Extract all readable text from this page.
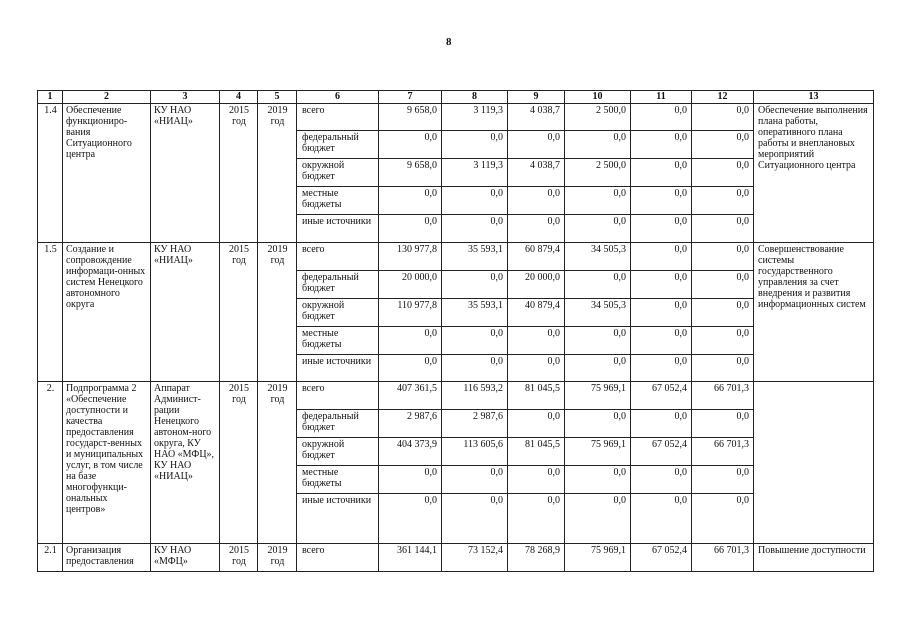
8
1	2	3	4	5	6	7	8	9	10	11	12	13
1.4	Обеспечение функциониро-вания Ситуационного центра	КУ НАО «НИАЦ»	2015 год	2019 год	всего	9 658,0	3 119,3	4 038,7	2 500,0	0,0	0,0	Обеспечение выполнения плана работы, оперативного плана работы и внеплановых мероприятий Ситуационного центра
					федеральный бюджет	0,0	0,0	0,0	0,0	0,0	0,0	
					окружной бюджет	9 658,0	3 119,3	4 038,7	2 500,0	0,0	0,0	
					местные бюджеты	0,0	0,0	0,0	0,0	0,0	0,0	
					иные источники	0,0	0,0	0,0	0,0	0,0	0,0	
1.5	Создание и сопровождение информаци-онных систем Ненецкого автономного округа	КУ НАО «НИАЦ»	2015 год	2019 год	всего	130 977,8	35 593,1	60 879,4	34 505,3	0,0	0,0	Совершенствование системы государственного управления за счет внедрения и развития информационных систем
					федеральный бюджет	20 000,0	0,0	20 000,0	0,0	0,0	0,0	
					окружной бюджет	110 977,8	35 593,1	40 879,4	34 505,3	0,0	0,0	
					местные бюджеты	0,0	0,0	0,0	0,0	0,0	0,0	
					иные источники	0,0	0,0	0,0	0,0	0,0	0,0	
2.	Подпрограмма 2 «Обеспечение доступности и качества предоставления государст-венных и муниципальных услуг, в том числе на базе многофункци-ональных центров»	Аппарат Админист-рации Ненецкого автоном-ного округа, КУ НАО «МФЦ», КУ НАО «НИАЦ»	2015 год	2019 год	всего	407 361,5	116 593,2	81 045,5	75 969,1	67 052,4	66 701,3	
					федеральный бюджет	2 987,6	2 987,6	0,0	0,0	0,0	0,0	
					окружной бюджет	404 373,9	113 605,6	81 045,5	75 969,1	67 052,4	66 701,3	
					местные бюджеты	0,0	0,0	0,0	0,0	0,0	0,0	
					иные источники	0,0	0,0	0,0	0,0	0,0	0,0	
2.1	Организация предоставления	КУ НАО «МФЦ»	2015 год	2019 год	всего	361 144,1	73 152,4	78 268,9	75 969,1	67 052,4	66 701,3	Повышение доступности
